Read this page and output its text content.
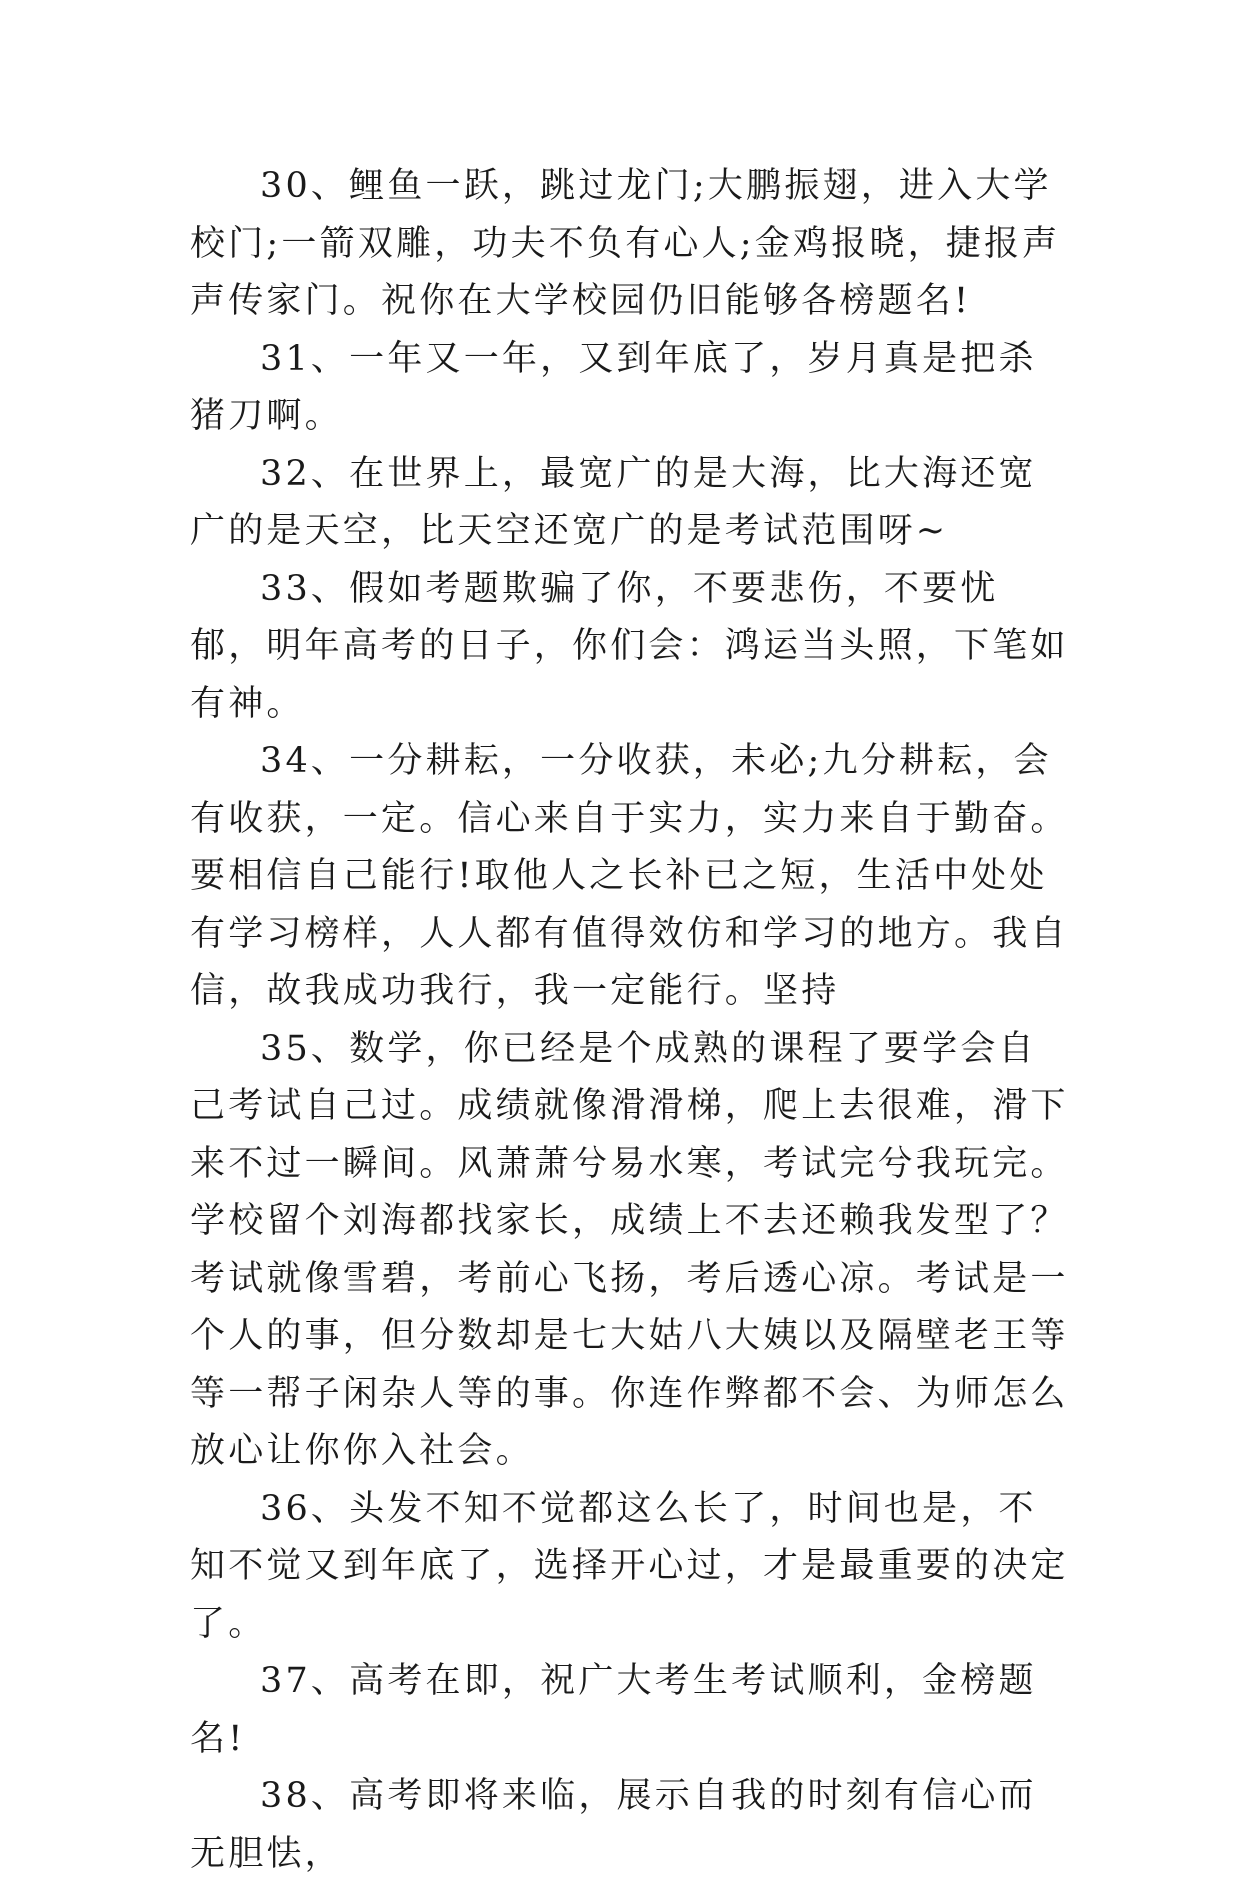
30、鲤鱼一跃，跳过龙门;大鹏振翅，进入大学校门;一箭双雕，功夫不负有心人;金鸡报晓，捷报声声传家门。祝你在大学校园仍旧能够各榜题名!

31、一年又一年，又到年底了，岁月真是把杀猪刀啊。

32、在世界上，最宽广的是大海，比大海还宽广的是天空，比天空还宽广的是考试范围呀~

33、假如考题欺骗了你，不要悲伤，不要忧郁，明年高考的日子，你们会：鸿运当头照，下笔如有神。

34、一分耕耘，一分收获，未必;九分耕耘，会有收获，一定。信心来自于实力，实力来自于勤奋。要相信自己能行!取他人之长补已之短，生活中处处有学习榜样，人人都有值得效仿和学习的地方。我自信，故我成功我行，我一定能行。坚持

35、数学，你已经是个成熟的课程了要学会自己考试自己过。成绩就像滑滑梯，爬上去很难，滑下来不过一瞬间。风萧萧兮易水寒，考试完兮我玩完。学校留个刘海都找家长，成绩上不去还赖我发型了？考试就像雪碧，考前心飞扬，考后透心凉。考试是一个人的事，但分数却是七大姑八大姨以及隔壁老王等等一帮子闲杂人等的事。你连作弊都不会、为师怎么放心让你你入社会。

36、头发不知不觉都这么长了，时间也是，不知不觉又到年底了，选择开心过，才是最重要的决定了。

37、高考在即，祝广大考生考试顺利，金榜题名!

38、高考即将来临，展示自我的时刻有信心而无胆怯，
